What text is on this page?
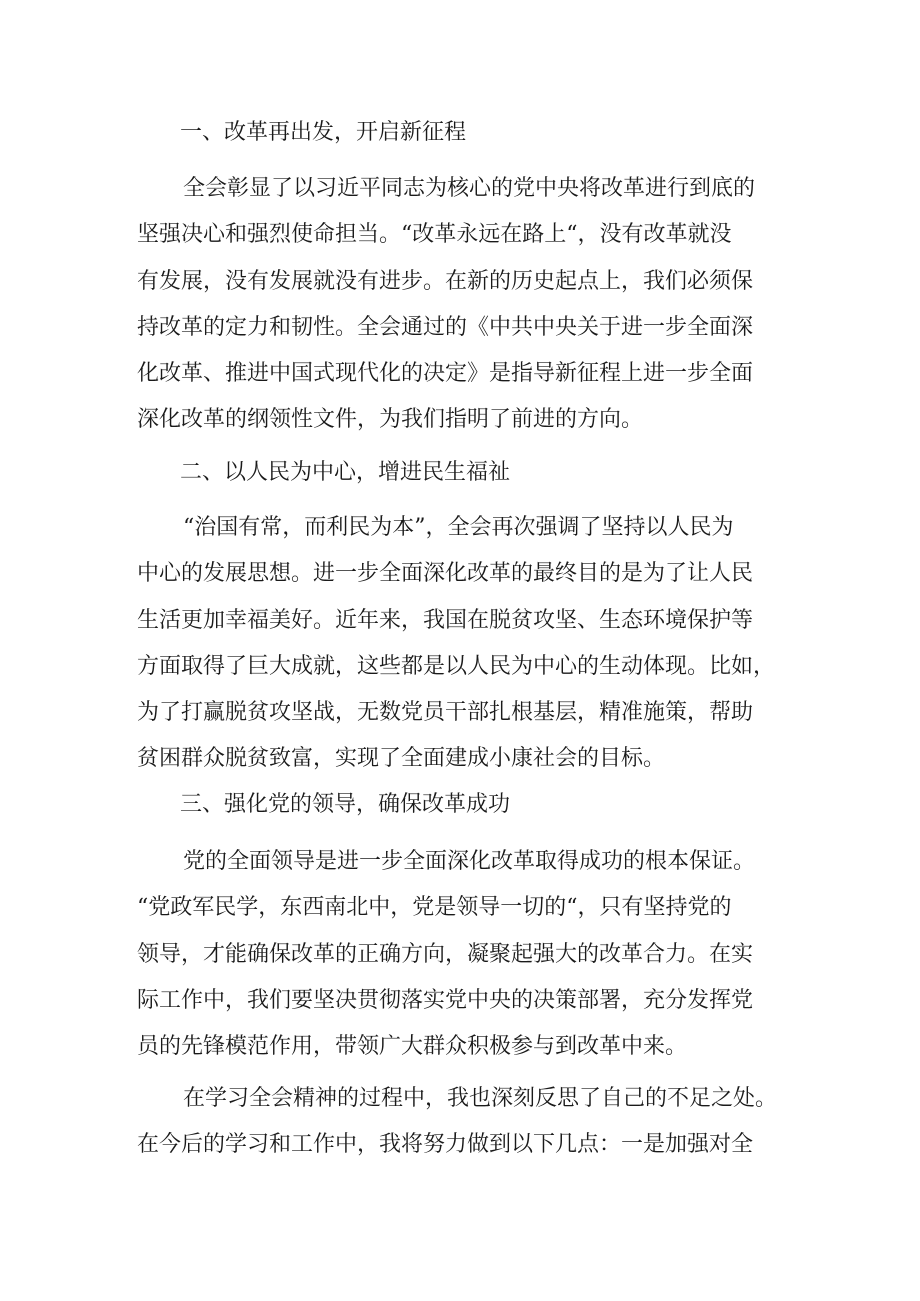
一、改革再出发，开启新征程

全会彰显了以习近平同志为核心的党中央将改革进行到底的
坚强决心和强烈使命担当。“改革永远在路上“，没有改革就没
有发展，没有发展就没有进步。在新的历史起点上，我们必须保
持改革的定力和韧性。全会通过的《中共中央关于进一步全面深
化改革、推进中国式现代化的决定》是指导新征程上进一步全面
深化改革的纲领性文件，为我们指明了前进的方向。

二、以人民为中心，增进民生福祉

“治国有常，而利民为本”，全会再次强调了坚持以人民为
中心的发展思想。进一步全面深化改革的最终目的是为了让人民
生活更加幸福美好。近年来，我国在脱贫攻坚、生态环境保护等
方面取得了巨大成就，这些都是以人民为中心的生动体现。比如，
为了打赢脱贫攻坚战，无数党员干部扎根基层，精准施策，帮助
贫困群众脱贫致富，实现了全面建成小康社会的目标。

三、强化党的领导，确保改革成功

党的全面领导是进一步全面深化改革取得成功的根本保证。
“党政军民学，东西南北中，党是领导一切的“，只有坚持党的
领导，才能确保改革的正确方向，凝聚起强大的改革合力。在实
际工作中，我们要坚决贯彻落实党中央的决策部署，充分发挥党
员的先锋模范作用，带领广大群众积极参与到改革中来。

在学习全会精神的过程中，我也深刻反思了自己的不足之处。
在今后的学习和工作中，我将努力做到以下几点：一是加强对全
